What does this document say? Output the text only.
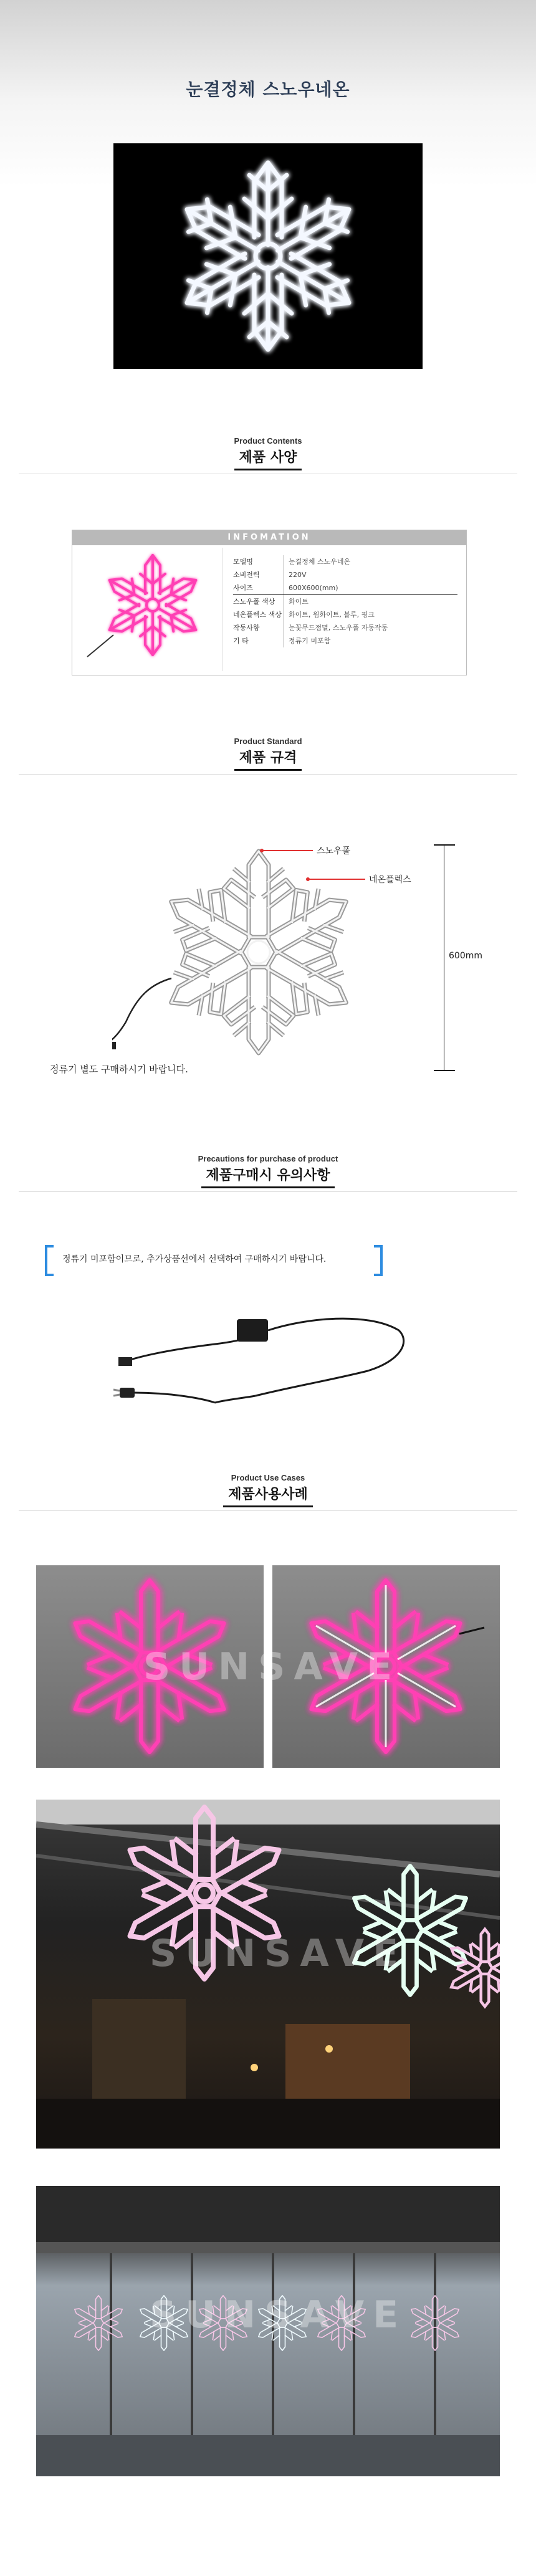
눈결정체 스노우네온
Product Contents
제품 사양
INFOMATION
모델명	눈결정체 스노우네온
소비전력	220V
사이즈	600X600(mm)
스노우폴 색상	화이트
네온플렉스 색상	화이트, 웜화이트, 블루, 핑크
작동사항	눈꽃무드점멸, 스노우폴 자동작동
기 타	정류기 미포함
Product Standard
제품 규격
스노우폴
네온플렉스
600mm
정류기 별도 구매하시기 바랍니다.
Precautions for purchase of product
제품구매시 유의사항
정류기 미포함이므로, 추가상품선에서 선택하여 구매하시기 바랍니다.
Product Use Cases
제품사용사례
SUNSAVE
SUNSAVE
SUNSAVE
